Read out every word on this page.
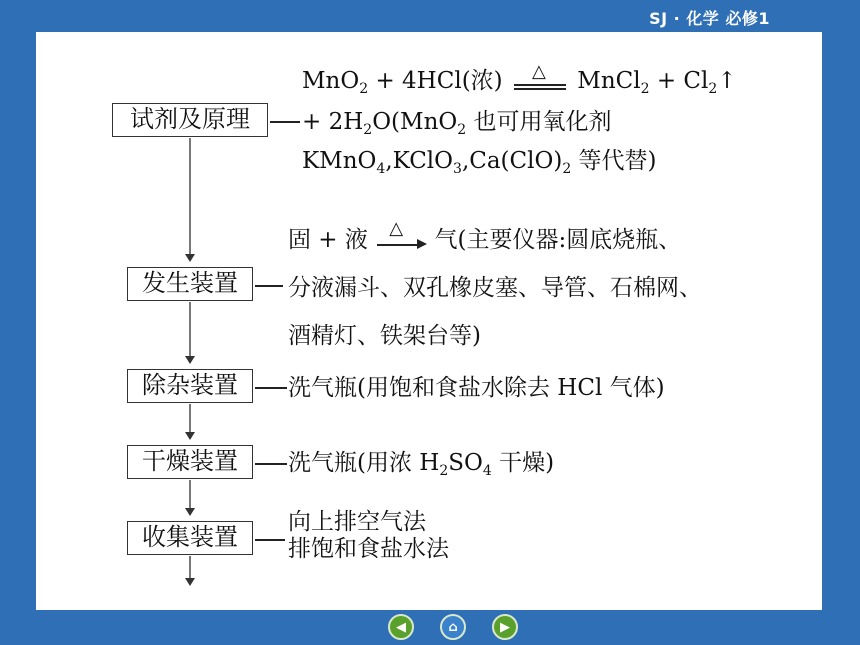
SJ · 化学 必修1
试剂及原理
发生装置
除杂装置
干燥装置
收集装置
MnO$_2$ + 4HCl(浓) △ MnCl$_2$ + $Cl_2↑$
+ $2H_2O(MnO_2$ 也可用氧化剂
$KMnO_4,KClO_3,Ca(ClO)_2$ 等代替)
固 + 液 △ 气(主要仪器:圆底烧瓶、
分液漏斗、双孔橡皮塞、导管、石棉网、
酒精灯、铁架台等)
洗气瓶(用饱和食盐水除去 HCl 气体)
洗气瓶(用浓 $H_2SO_4$ 干燥)
向上排空气法
排饱和食盐水法
◀	⌂	▶
